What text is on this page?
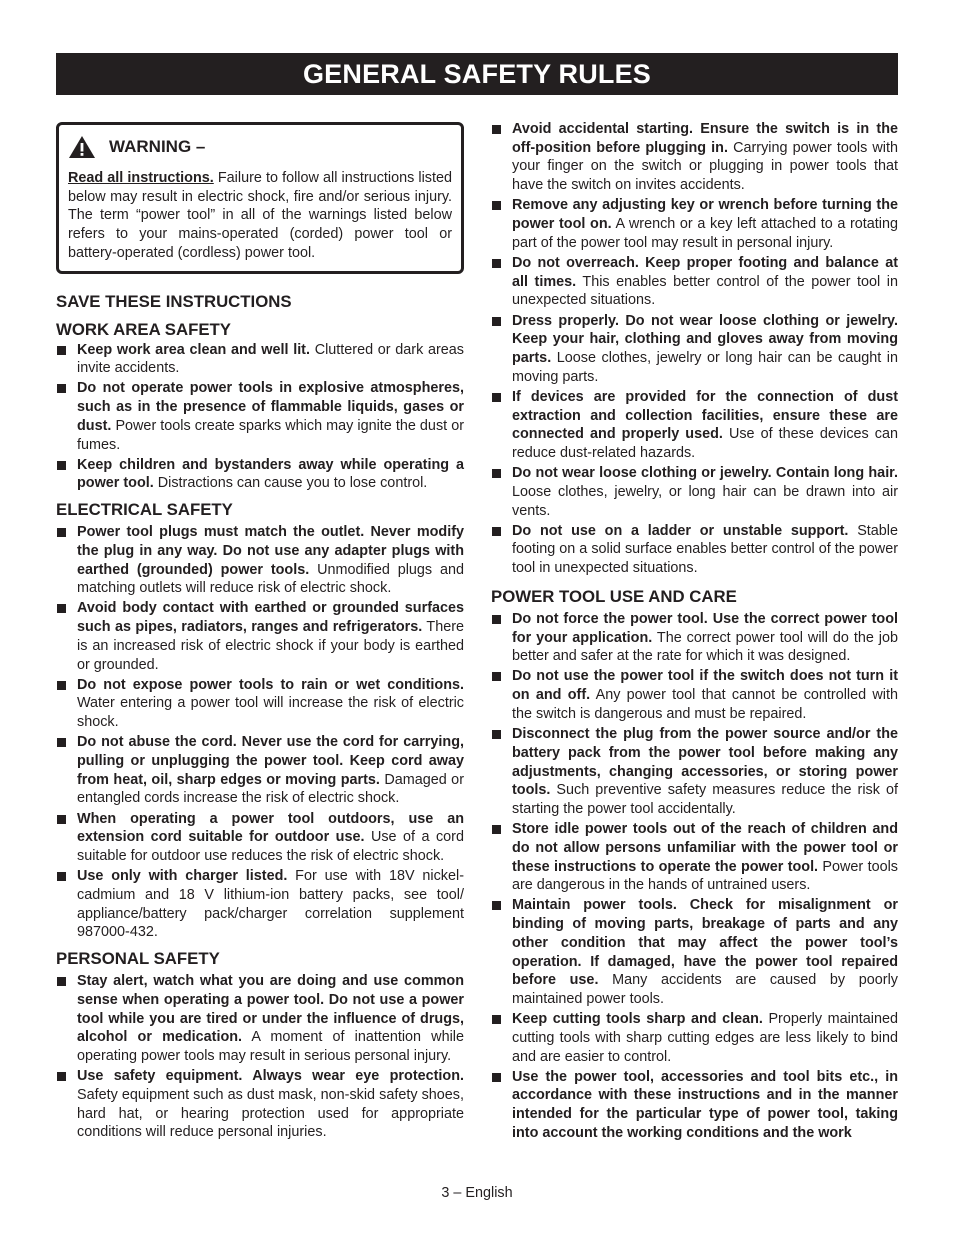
GENERAL SAFETY RULES
WARNING –
Read all instructions. Failure to follow all instructions listed below may result in electric shock, fire and/or serious injury. The term “power tool” in all of the warnings listed below refers to your mains-operated (corded) power tool or battery-operated (cordless) power tool.
SAVE THESE INSTRUCTIONS
WORK AREA SAFETY
Keep work area clean and well lit. Cluttered or dark areas invite accidents.
Do not operate power tools in explosive atmospheres, such as in the presence of flammable liquids, gases or dust. Power tools create sparks which may ignite the dust or fumes.
Keep children and bystanders away while operating a power tool. Distractions can cause you to lose control.
ELECTRICAL SAFETY
Power tool plugs must match the outlet. Never modify the plug in any way. Do not use any adapter plugs with earthed (grounded) power tools. Unmodified plugs and matching outlets will reduce risk of electric shock.
Avoid body contact with earthed or grounded surfaces such as pipes, radiators, ranges and refrigerators. There is an increased risk of electric shock if your body is earthed or grounded.
Do not expose power tools to rain or wet conditions. Water entering a power tool will increase the risk of electric shock.
Do not abuse the cord. Never use the cord for carrying, pulling or unplugging the power tool. Keep cord away from heat, oil, sharp edges or moving parts. Damaged or entangled cords increase the risk of electric shock.
When operating a power tool outdoors, use an extension cord suitable for outdoor use. Use of a cord suitable for outdoor use reduces the risk of electric shock.
Use only with charger listed. For use with 18V nickel-cadmium and 18 V lithium-ion battery packs, see tool/ appliance/battery pack/charger correlation supplement 987000-432.
PERSONAL SAFETY
Stay alert, watch what you are doing and use common sense when operating a power tool. Do not use a power tool while you are tired or under the influence of drugs, alcohol or medication. A moment of inattention while operating power tools may result in serious personal injury.
Use safety equipment. Always wear eye protection. Safety equipment such as dust mask, non-skid safety shoes, hard hat, or hearing protection used for appropriate conditions will reduce personal injuries.
Avoid accidental starting. Ensure the switch is in the off-position before plugging in. Carrying power tools with your finger on the switch or plugging in power tools that have the switch on invites accidents.
Remove any adjusting key or wrench before turning the power tool on. A wrench or a key left attached to a rotating part of the power tool may result in personal injury.
Do not overreach. Keep proper footing and balance at all times. This enables better control of the power tool in unexpected situations.
Dress properly. Do not wear loose clothing or jewelry. Keep your hair, clothing and gloves away from moving parts. Loose clothes, jewelry or long hair can be caught in moving parts.
If devices are provided for the connection of dust extraction and collection facilities, ensure these are connected and properly used. Use of these devices can reduce dust-related hazards.
Do not wear loose clothing or jewelry. Contain long hair. Loose clothes, jewelry, or long hair can be drawn into air vents.
Do not use on a ladder or unstable support. Stable footing on a solid surface enables better control of the power tool in unexpected situations.
POWER TOOL USE AND CARE
Do not force the power tool. Use the correct power tool for your application. The correct power tool will do the job better and safer at the rate for which it was designed.
Do not use the power tool if the switch does not turn it on and off. Any power tool that cannot be controlled with the switch is dangerous and must be repaired.
Disconnect the plug from the power source and/or the battery pack from the power tool before making any adjustments, changing accessories, or storing power tools. Such preventive safety measures reduce the risk of starting the power tool accidentally.
Store idle power tools out of the reach of children and do not allow persons unfamiliar with the power tool or these instructions to operate the power tool. Power tools are dangerous in the hands of untrained users.
Maintain power tools. Check for misalignment or binding of moving parts, breakage of parts and any other condition that may affect the power tool’s operation. If damaged, have the power tool repaired before use. Many accidents are caused by poorly maintained power tools.
Keep cutting tools sharp and clean. Properly maintained cutting tools with sharp cutting edges are less likely to bind and are easier to control.
Use the power tool, accessories and tool bits etc., in accordance with these instructions and in the manner intended for the particular type of power tool, taking into account the working conditions and the work
3 – English
